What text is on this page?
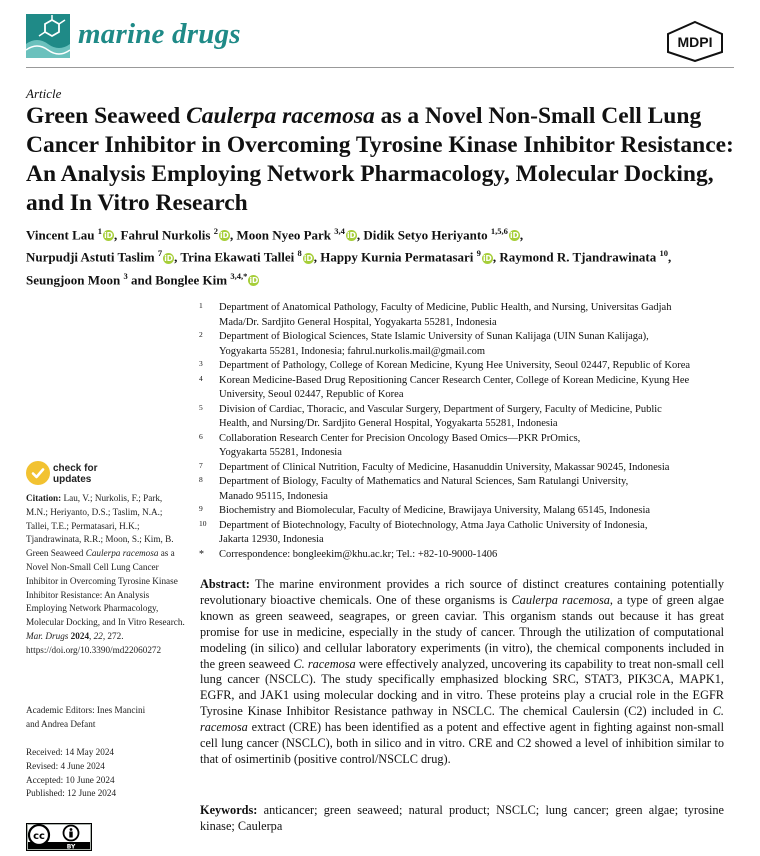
marine drugs	MDPI
Article
Green Seaweed Caulerpa racemosa as a Novel Non-Small Cell Lung Cancer Inhibitor in Overcoming Tyrosine Kinase Inhibitor Resistance: An Analysis Employing Network Pharmacology, Molecular Docking, and In Vitro Research
Vincent Lau $^1$ iD, Fahrul Nurkolis $^2$ iD, Moon Nyeo Park $^{3,4}$ iD, Didik Setyo Heriyanto $^{1,5,6}$ iD,
Nurpudji Astuti Taslim $^7$ iD, Trina Ekawati Tallei $^8$ iD, Happy Kurnia Permatasari $^9$ iD, Raymond R. Tjandrawinata $^{10}$,
Seungjoon Moon $^3$ and Bonglee Kim $^{3,4,*}$ iD
1 Department of Anatomical Pathology, Faculty of Medicine, Public Health, and Nursing, Universitas Gadjah
Mada/Dr. Sardjito General Hospital, Yogyakarta 55281, Indonesia
2 Department of Biological Sciences, State Islamic University of Sunan Kalijaga (UIN Sunan Kalijaga),
Yogyakarta 55281, Indonesia; fahrul.nurkolis.mail@gmail.com
3 Department of Pathology, College of Korean Medicine, Kyung Hee University, Seoul 02447, Republic of Korea
4 Korean Medicine-Based Drug Repositioning Cancer Research Center, College of Korean Medicine, Kyung Hee
University, Seoul 02447, Republic of Korea
5 Division of Cardiac, Thoracic, and Vascular Surgery, Department of Surgery, Faculty of Medicine, Public
Health, and Nursing/Dr. Sardjito General Hospital, Yogyakarta 55281, Indonesia
6 Collaboration Research Center for Precision Oncology Based Omics—PKR PrOmics,
Yogyakarta 55281, Indonesia
7 Department of Clinical Nutrition, Faculty of Medicine, Hasanuddin University, Makassar 90245, Indonesia
8 Department of Biology, Faculty of Mathematics and Natural Sciences, Sam Ratulangi University,
Manado 95115, Indonesia
9 Biochemistry and Biomolecular, Faculty of Medicine, Brawijaya University, Malang 65145, Indonesia
10 Department of Biotechnology, Faculty of Biotechnology, Atma Jaya Catholic University of Indonesia,
Jakarta 12930, Indonesia
* Correspondence: bongleekim@khu.ac.kr; Tel.: +82-10-9000-1406
check for
updates
Citation: Lau, V.; Nurkolis, F.; Park, M.N.; Heriyanto, D.S.; Taslim, N.A.; Tallei, T.E.; Permatasari, H.K.; Tjandrawinata, R.R.; Moon, S.; Kim, B. Green Seaweed Caulerpa racemosa as a Novel Non-Small Cell Lung Cancer Inhibitor in Overcoming Tyrosine Kinase Inhibitor Resistance: An Analysis Employing Network Pharmacology, Molecular Docking, and In Vitro Research. Mar. Drugs 2024, 22, 272. https://doi.org/10.3390/md22060272
Academic Editors: Ines Mancini
and Andrea Defant
Received: 14 May 2024
Revised: 4 June 2024
Accepted: 10 June 2024
Published: 12 June 2024
cc
BY
Abstract: The marine environment provides a rich source of distinct creatures containing potentially revolutionary bioactive chemicals. One of these organisms is Caulerpa racemosa, a type of green algae known as green seaweed, seagrapes, or green caviar. This organism stands out because it has great promise for use in medicine, especially in the study of cancer. Through the utilization of computational modeling (in silico) and cellular laboratory experiments (in vitro), the chemical components included in the green seaweed C. racemosa were effectively analyzed, uncovering its capability to treat non-small cell lung cancer (NSCLC). The study specifically emphasized blocking SRC, STAT3, PIK3CA, MAPK1, EGFR, and JAK1 using molecular docking and in vitro. These proteins play a crucial role in the EGFR Tyrosine Kinase Inhibitor Resistance pathway in NSCLC. The chemical Caulersin (C2) included in C. racemosa extract (CRE) has been identified as a potent and effective agent in fighting against non-small cell lung cancer (NSCLC), both in silico and in vitro. CRE and C2 showed a level of inhibition similar to that of osimertinib (positive control/NSCLC drug).
Keywords: anticancer; green seaweed; natural product; NSCLC; lung cancer; green algae; tyrosine kinase; Caulerpa
